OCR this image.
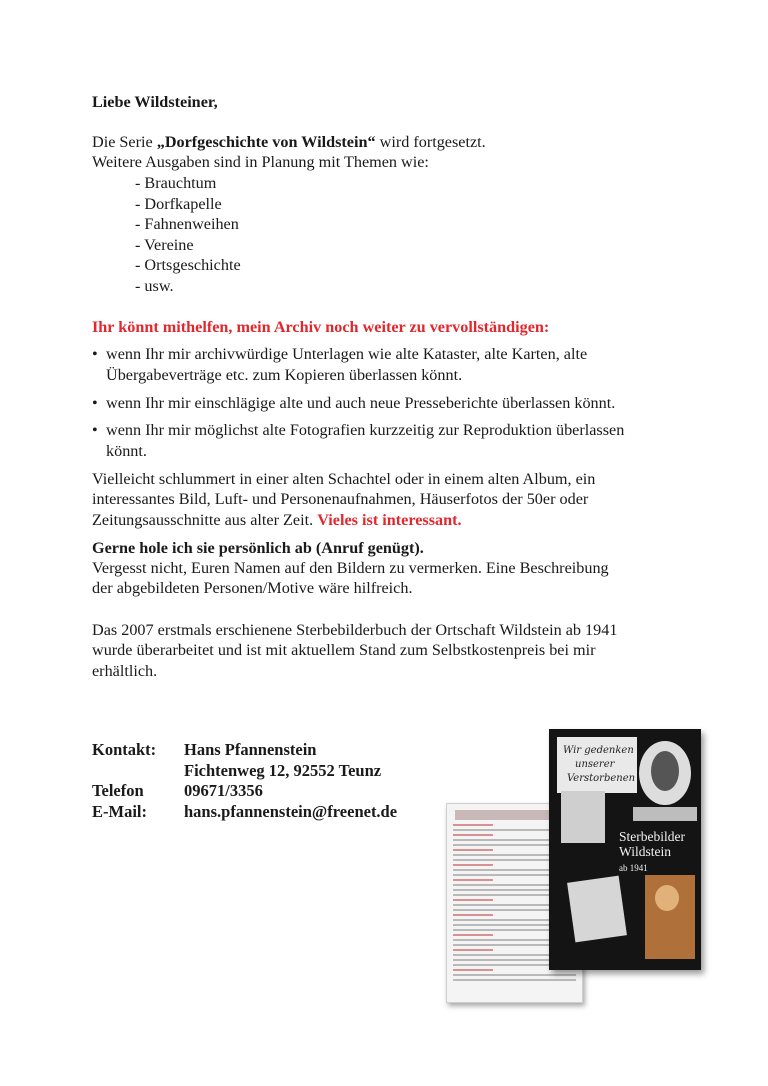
Liebe Wildsteiner,

Die Serie „Dorfgeschichte von Wildstein“ wird fortgesetzt.

Weitere Ausgaben sind in Planung mit Themen wie:

- Brauchtum
- Dorfkapelle
- Fahnenweihen
- Vereine
- Ortsgeschichte
- usw.

Ihr könnt mithelfen, mein Archiv noch weiter zu vervollständigen:

• wenn Ihr mir archivwürdige Unterlagen wie alte Kataster, alte Karten, alte
Übergabeverträge etc. zum Kopieren überlassen könnt.
• wenn Ihr mir einschlägige alte und auch neue Presseberichte überlassen könnt.
• wenn Ihr mir möglichst alte Fotografien kurzzeitig zur Reproduktion überlassen
könnt.

Vielleicht schlummert in einer alten Schachtel oder in einem alten Album, ein

interessantes Bild, Luft- und Personenaufnahmen, Häuserfotos der 50er oder

Zeitungsausschnitte aus alter Zeit. Vieles ist interessant.

Gerne hole ich sie persönlich ab (Anruf genügt).

Vergesst nicht, Euren Namen auf den Bildern zu vermerken. Eine Beschreibung

der abgebildeten Personen/Motive wäre hilfreich.

Das 2007 erstmals erschienene Sterbebilderbuch der Ortschaft Wildstein ab 1941

wurde überarbeitet und ist mit aktuellem Stand zum Selbstkostenpreis bei mir

erhältlich.

Kontakt:	Hans Pfannenstein
Fichtenweg 12, 92552 Teunz
Telefon	09671/3356
E-Mail:	hans.pfannenstein@freenet.de
Wir gedenken
unserer
Verstorbenen
Sterbebilder
Wildstein
ab 1941
